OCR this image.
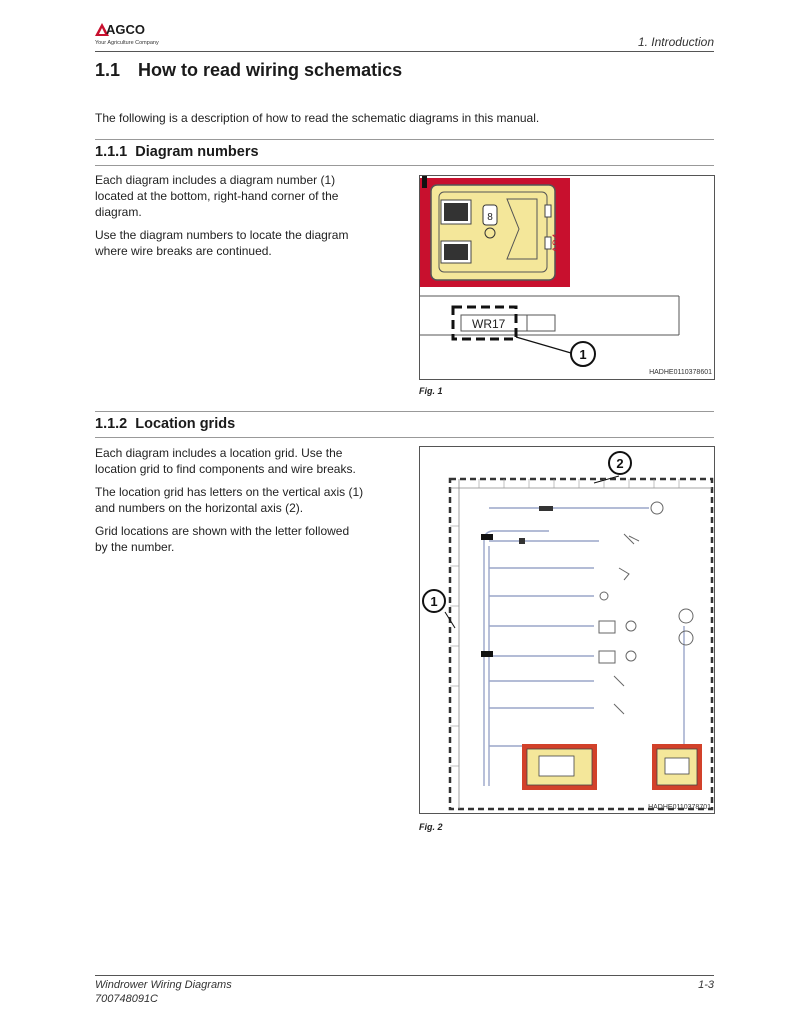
AGCO
Your Agriculture Company	1. Introduction
1.1 How to read wiring schematics

The following is a description of how to read the schematic diagrams in this manual.

1.1.1 Diagram numbers

Each diagram includes a diagram number (1)

located at the bottom, right-hand corner of the

diagram.

Use the diagram numbers to locate the diagram

where wire breaks are continued.

8
A84
WR17
1
HADHE0110378601
Fig. 1
1.1.2 Location grids

Each diagram includes a location grid. Use the

location grid to find components and wire breaks.

The location grid has letters on the vertical axis (1)

and numbers on the horizontal axis (2).

Grid locations are shown with the letter followed

by the number.

2
1
HADHE0110378701
Fig. 2
Windrower Wiring Diagrams
700748091C
1-3
